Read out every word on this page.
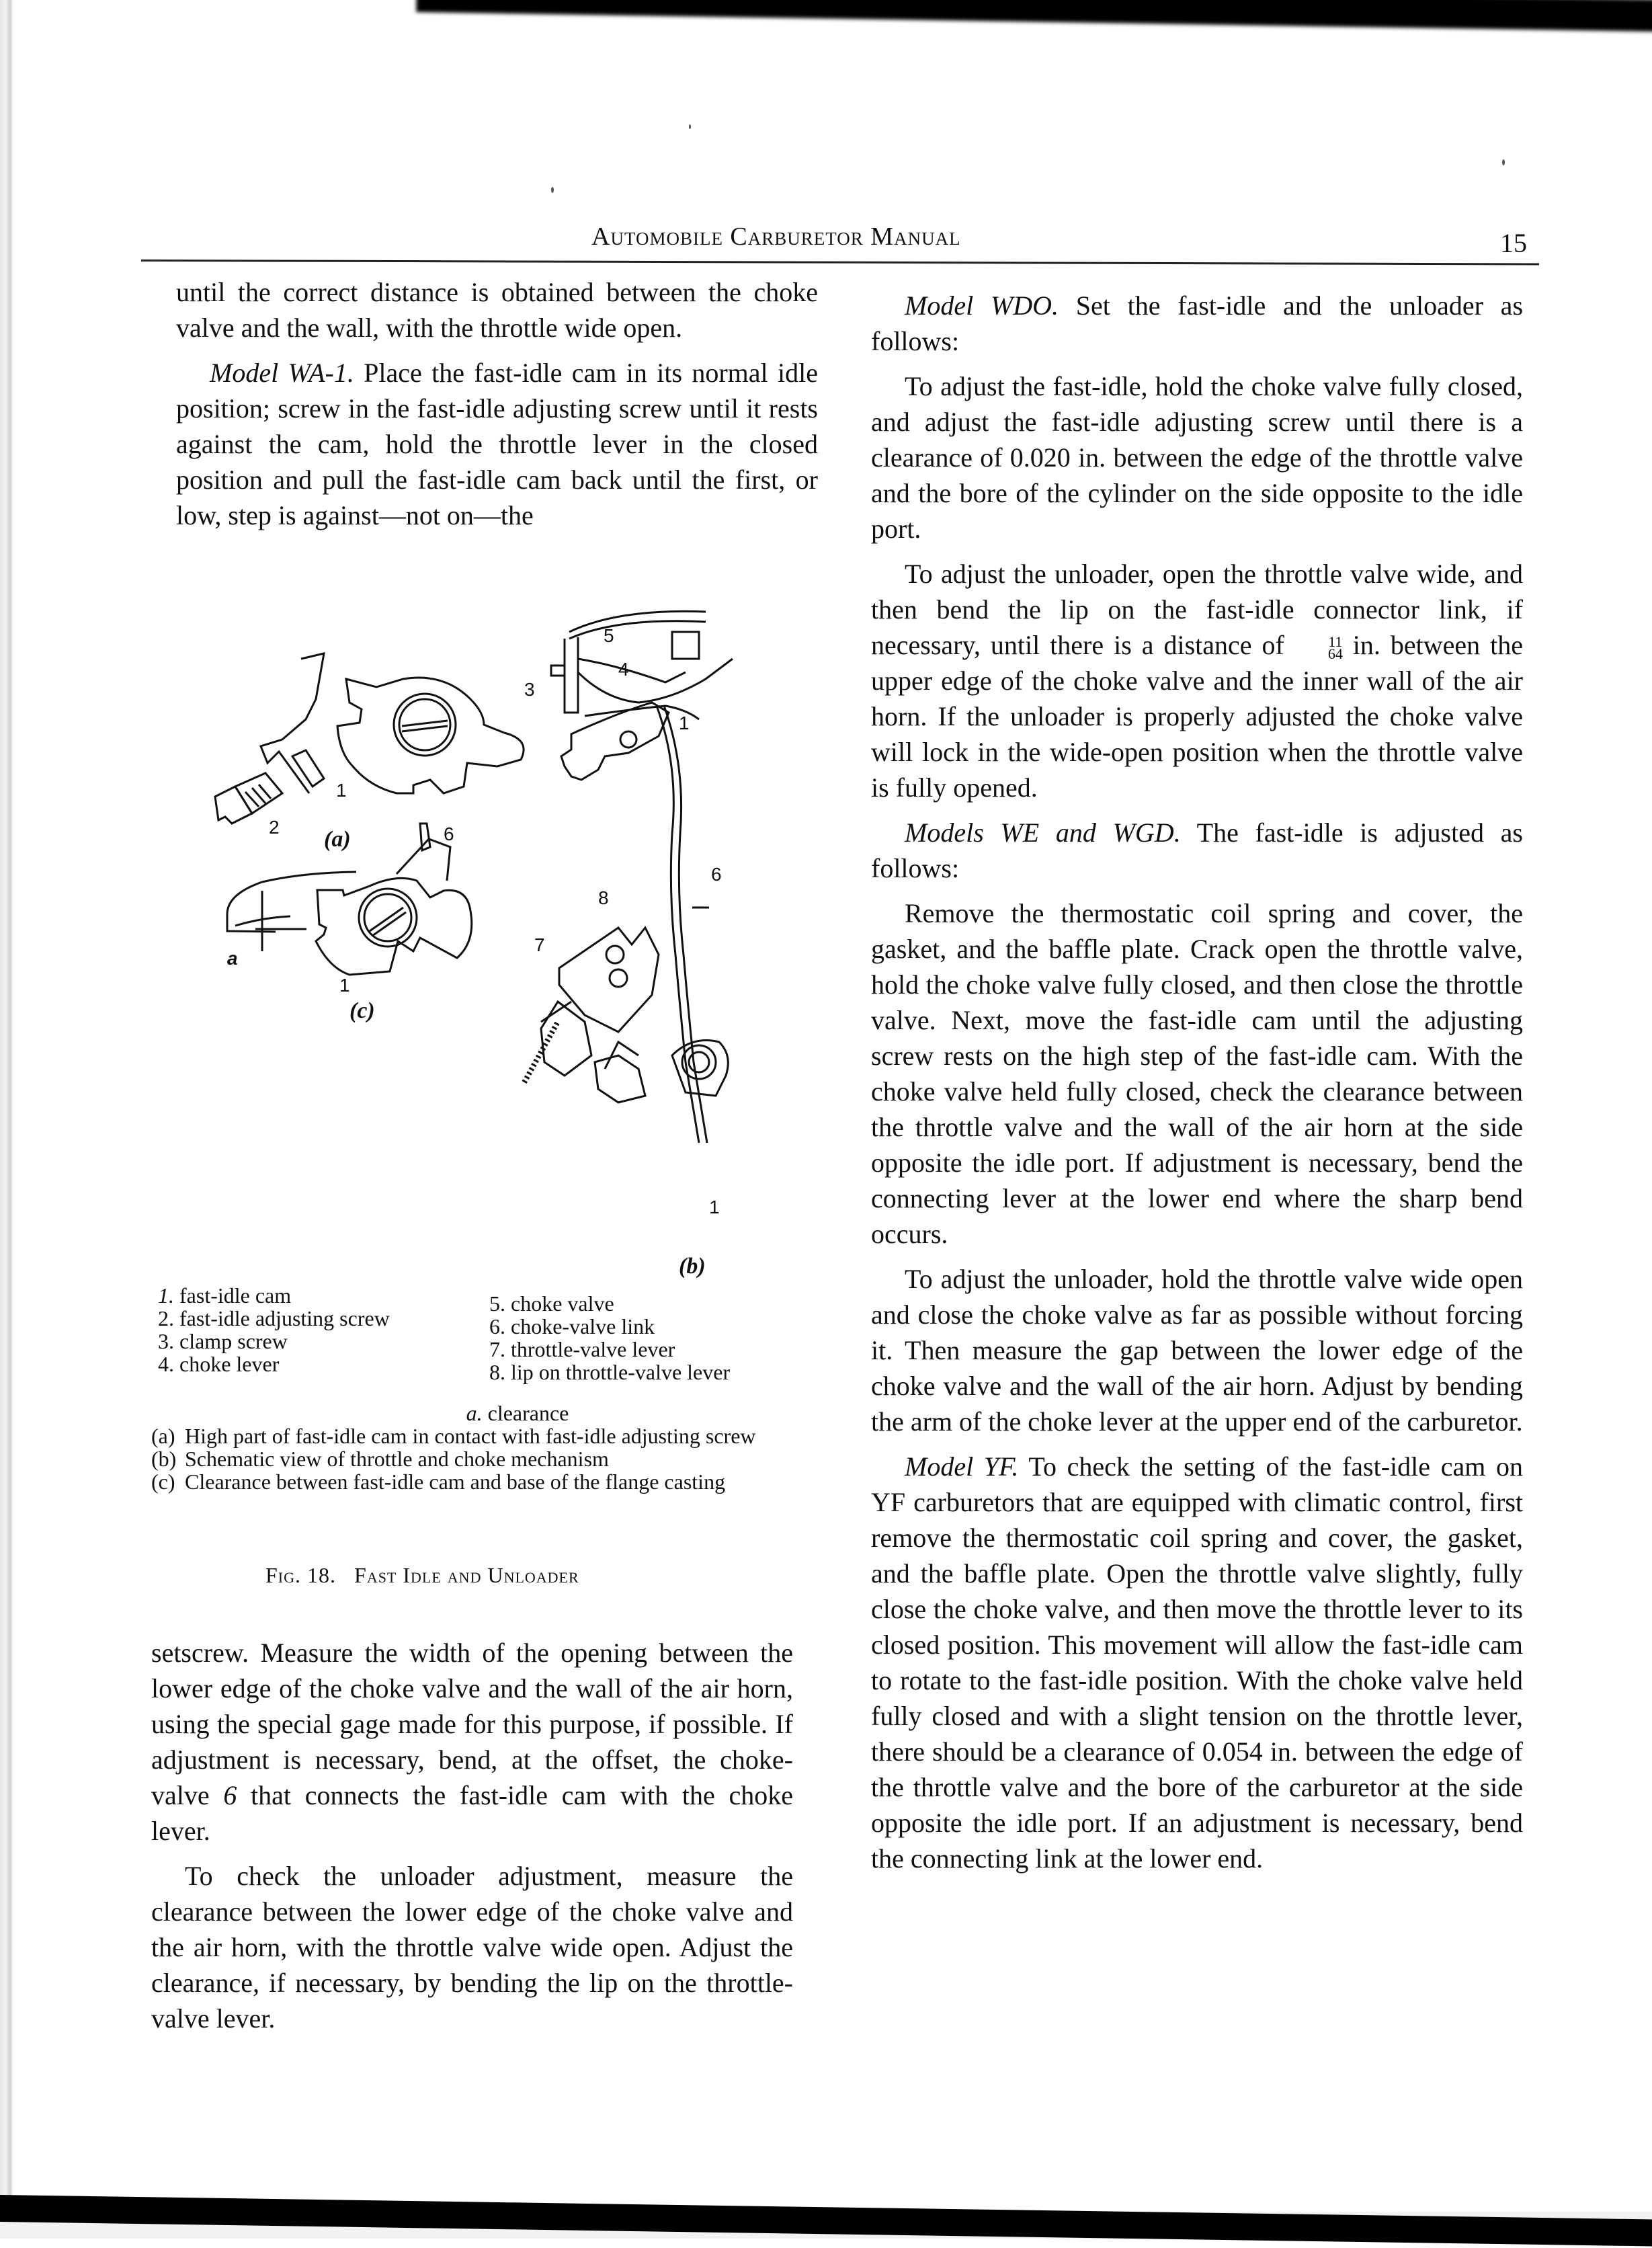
Automobile Carburetor Manual	15

until the correct distance is obtained between the choke valve and the wall, with the throttle wide open.

Model WA-1. Place the fast-idle cam in its normal idle position; screw in the fast-idle adjusting screw until it rests against the cam, hold the throttle lever in the closed position and pull the fast-idle cam back until the first, or low, step is against—not on—the

(a)
(c)
(b)
1
2
1
3
4
5
6
7
8
1
1
6
a
1. fast-idle cam
2. fast-idle adjusting screw
3. clamp screw
4. choke lever
5. choke valve
6. choke-valve link
7. throttle-valve lever
8. lip on throttle-valve lever
a. clearance
(a) High part of fast-idle cam in contact with fast-idle adjusting screw
(b) Schematic view of throttle and choke mechanism
(c) Clearance between fast-idle cam and base of the flange casting
Fig. 18. Fast Idle and Unloader

setscrew. Measure the width of the opening between the lower edge of the choke valve and the wall of the air horn, using the special gage made for this purpose, if possible. If adjustment is necessary, bend, at the offset, the choke-valve 6 that connects the fast-idle cam with the choke lever.

To check the unloader adjustment, measure the clearance between the lower edge of the choke valve and the air horn, with the throttle valve wide open. Adjust the clearance, if necessary, by bending the lip on the throttle-valve lever.

Model WDO. Set the fast-idle and the unloader as follows:

To adjust the fast-idle, hold the choke valve fully closed, and adjust the fast-idle adjusting screw until there is a clearance of 0.020 in. between the edge of the throttle valve and the bore of the cylinder on the side opposite to the idle port.

To adjust the unloader, open the throttle valve wide, and then bend the lip on the fast-idle connector link, if necessary, until there is a distance of	11
64 in. between the upper edge of the choke valve and the inner wall of the air horn. If the unloader is properly adjusted the choke valve will lock in the wide-open position when the throttle valve is fully opened.

Models WE and WGD. The fast-idle is adjusted as follows:

Remove the thermostatic coil spring and cover, the gasket, and the baffle plate. Crack open the throttle valve, hold the choke valve fully closed, and then close the throttle valve. Next, move the fast-idle cam until the adjusting screw rests on the high step of the fast-idle cam. With the choke valve held fully closed, check the clearance between the throttle valve and the wall of the air horn at the side opposite the idle port. If adjustment is necessary, bend the connecting lever at the lower end where the sharp bend occurs.

To adjust the unloader, hold the throttle valve wide open and close the choke valve as far as possible without forcing it. Then measure the gap between the lower edge of the choke valve and the wall of the air horn. Adjust by bending the arm of the choke lever at the upper end of the carburetor.

Model YF. To check the setting of the fast-idle cam on YF carburetors that are equipped with climatic control, first remove the thermostatic coil spring and cover, the gasket, and the baffle plate. Open the throttle valve slightly, fully close the choke valve, and then move the throttle lever to its closed position. This movement will allow the fast-idle cam to rotate to the fast-idle position. With the choke valve held fully closed and with a slight tension on the throttle lever, there should be a clearance of 0.054 in. between the edge of the throttle valve and the bore of the carburetor at the side opposite the idle port. If an adjustment is necessary, bend the connecting link at the lower end.
